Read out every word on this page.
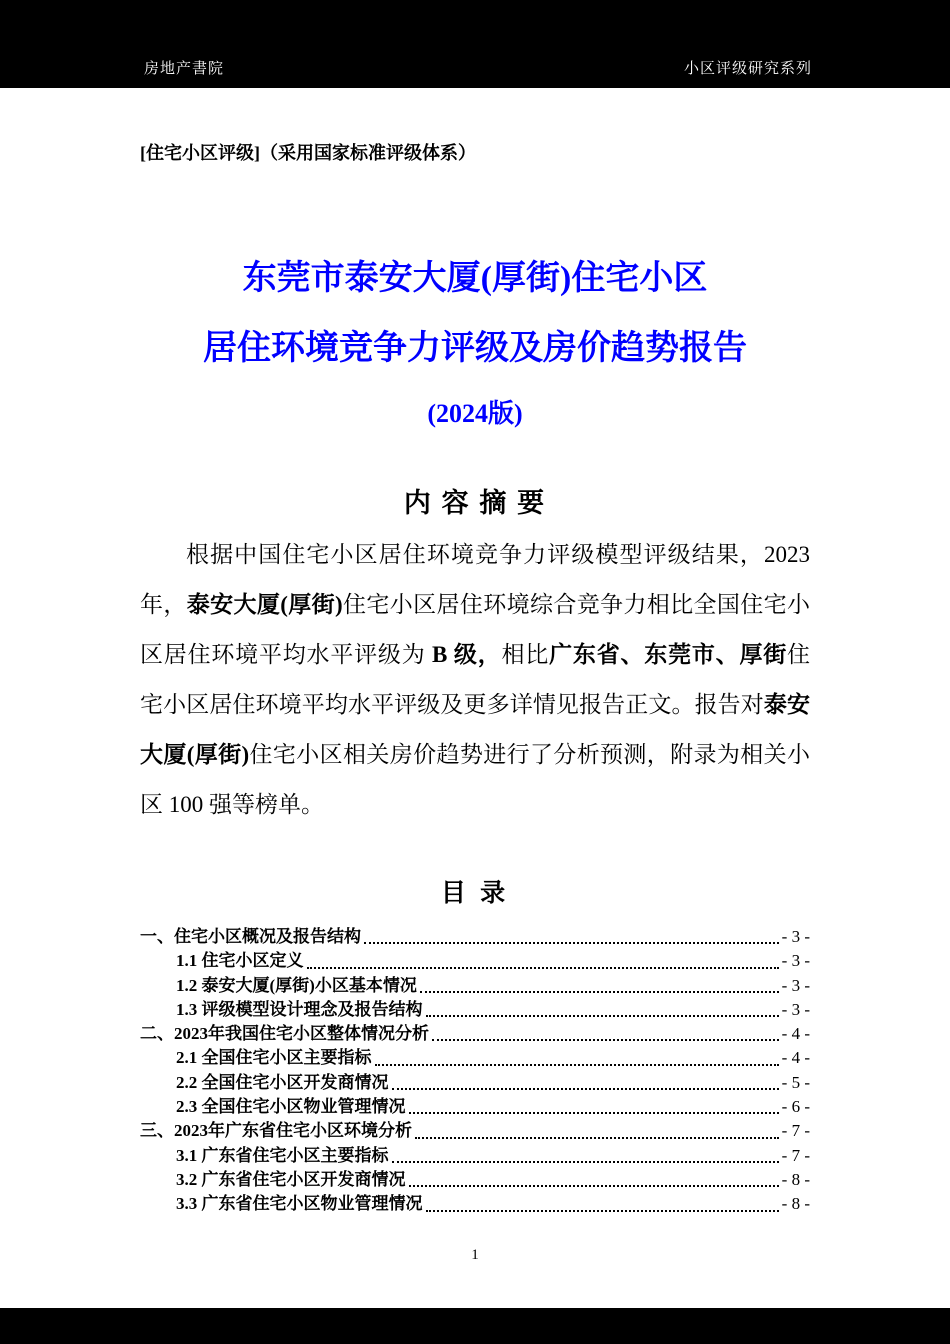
房地产書院	小区评级研究系列

[住宅小区评级]（采用国家标准评级体系）

东莞市泰安大厦(厚街)住宅小区
居住环境竞争力评级及房价趋势报告
(2024版)
内 容 摘 要

根据中国住宅小区居住环境竞争力评级模型评级结果，2023 年，泰安大厦(厚街)住宅小区居住环境综合竞争力相比全国住宅小区居住环境平均水平评级为 B 级，相比广东省、东莞市、厚街住宅小区居住环境平均水平评级及更多详情见报告正文。报告对泰安大厦(厚街)住宅小区相关房价趋势进行了分析预测，附录为相关小区 100 强等榜单。

目 录
一、住宅小区概况及报告结构	- 3 -
1.1 住宅小区定义	- 3 -
1.2 泰安大厦(厚街)小区基本情况	- 3 -
1.3 评级模型设计理念及报告结构	- 3 -
二、2023年我国住宅小区整体情况分析	- 4 -
2.1 全国住宅小区主要指标	- 4 -
2.2 全国住宅小区开发商情况	- 5 -
2.3 全国住宅小区物业管理情况	- 6 -
三、2023年广东省住宅小区环境分析	- 7 -
3.1 广东省住宅小区主要指标	- 7 -
3.2 广东省住宅小区开发商情况	- 8 -
3.3 广东省住宅小区物业管理情况	- 8 -
1
